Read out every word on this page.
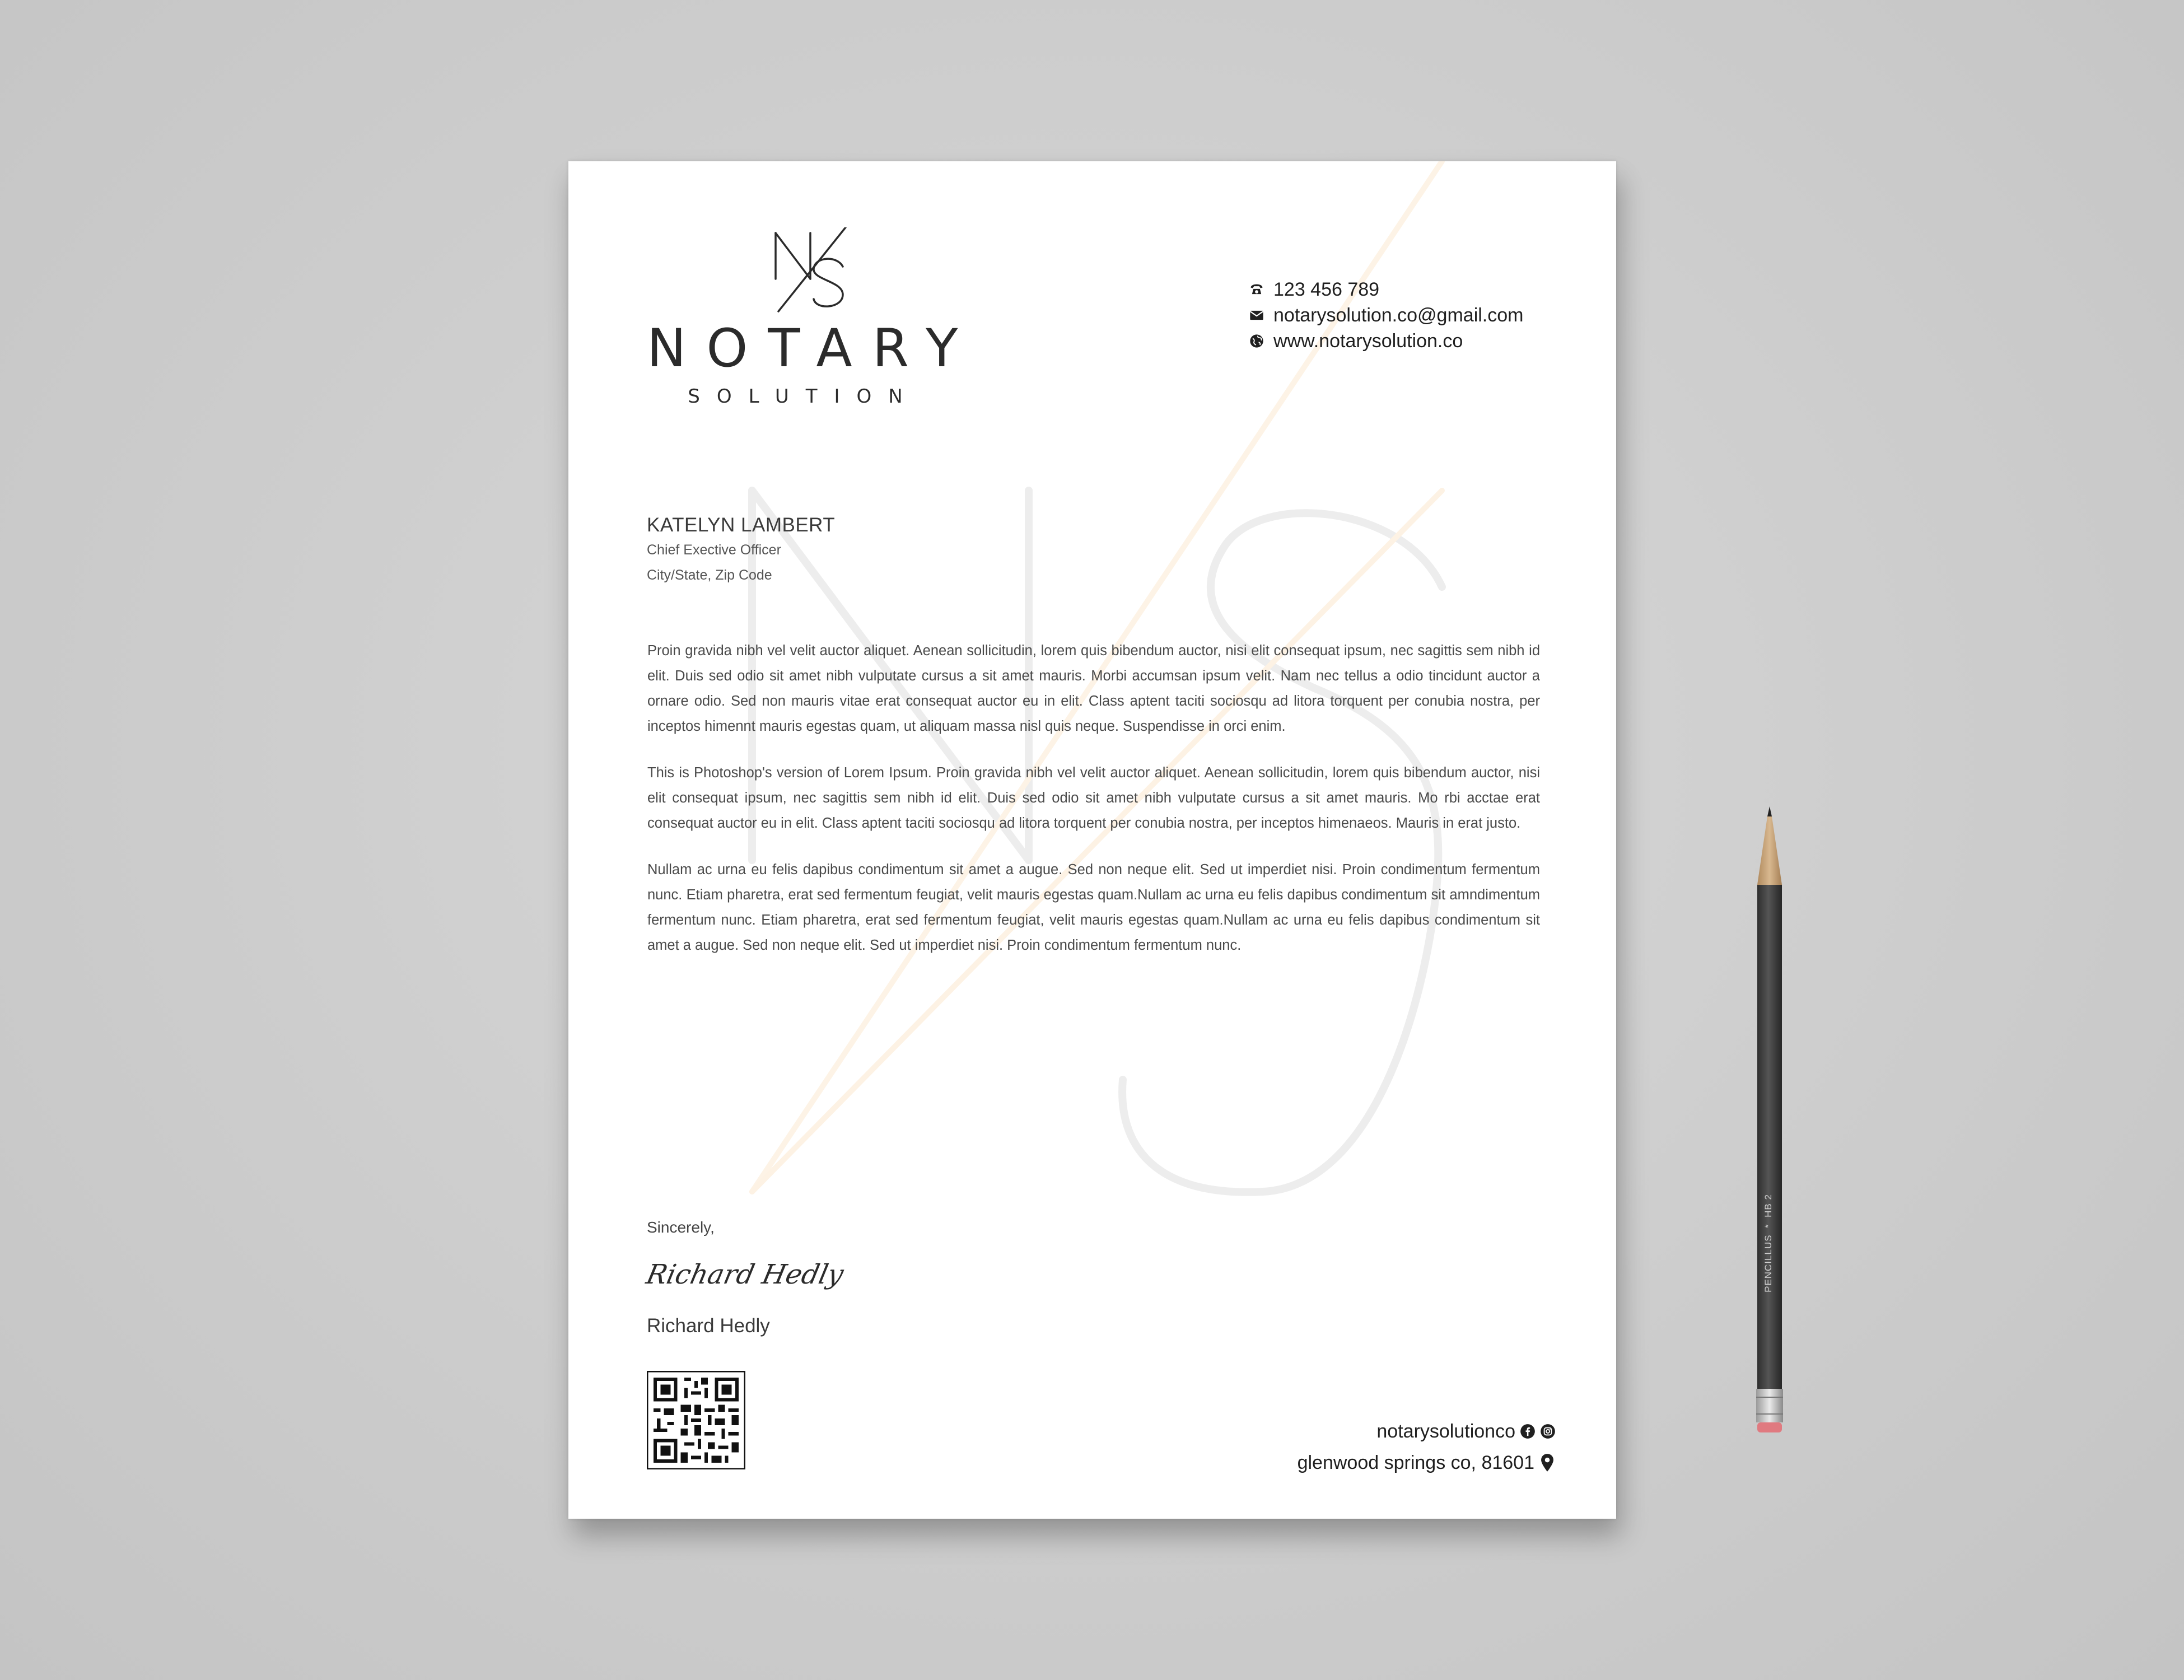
NOTARY
SOLUTION
123 456 789
notarysolution.co@gmail.com
www.notarysolution.co
KATELYN LAMBERT
Chief Exective Officer
City/State, Zip Code

Proin gravida nibh vel velit auctor aliquet. Aenean sollicitudin, lorem quis bibendum auctor, nisi elit consequat ipsum, nec sagittis sem nibh id elit. Duis sed odio sit amet nibh vulputate cursus a sit amet mauris. Morbi accumsan ipsum velit. Nam nec tellus a odio tincidunt auctor a ornare odio. Sed non mauris vitae erat consequat auctor eu in elit. Class aptent taciti sociosqu ad litora torquent per conubia nostra, per inceptos himennt mauris egestas quam, ut aliquam massa nisl quis neque. Suspendisse in orci enim.

This is Photoshop's version of Lorem Ipsum. Proin gravida nibh vel velit auctor aliquet. Aenean sollicitudin, lorem quis bibendum auctor, nisi elit consequat ipsum, nec sagittis sem nibh id elit. Duis sed odio sit amet nibh vulputate cursus a sit amet mauris. Mo rbi acctae erat consequat auctor eu in elit. Class aptent taciti sociosqu ad litora torquent per conubia nostra, per inceptos himenaeos. Mauris in erat justo.

Nullam ac urna eu felis dapibus condimentum sit amet a augue. Sed non neque elit. Sed ut imperdiet nisi. Proin condimentum fermentum nunc. Etiam pharetra, erat sed fermentum feugiat, velit mauris egestas quam.Nullam ac urna eu felis dapibus condimentum sit amndimentum fermentum nunc. Etiam pharetra, erat sed fermentum feugiat, velit mauris egestas quam.Nullam ac urna eu felis dapibus condimentum sit amet a augue. Sed non neque elit. Sed ut imperdiet nisi. Proin condimentum fermentum nunc.

Sincerely,
Richard Hedly
Richard Hedly
notarysolutionco
glenwood springs co, 81601
PENCILLUS  *  HB 2
